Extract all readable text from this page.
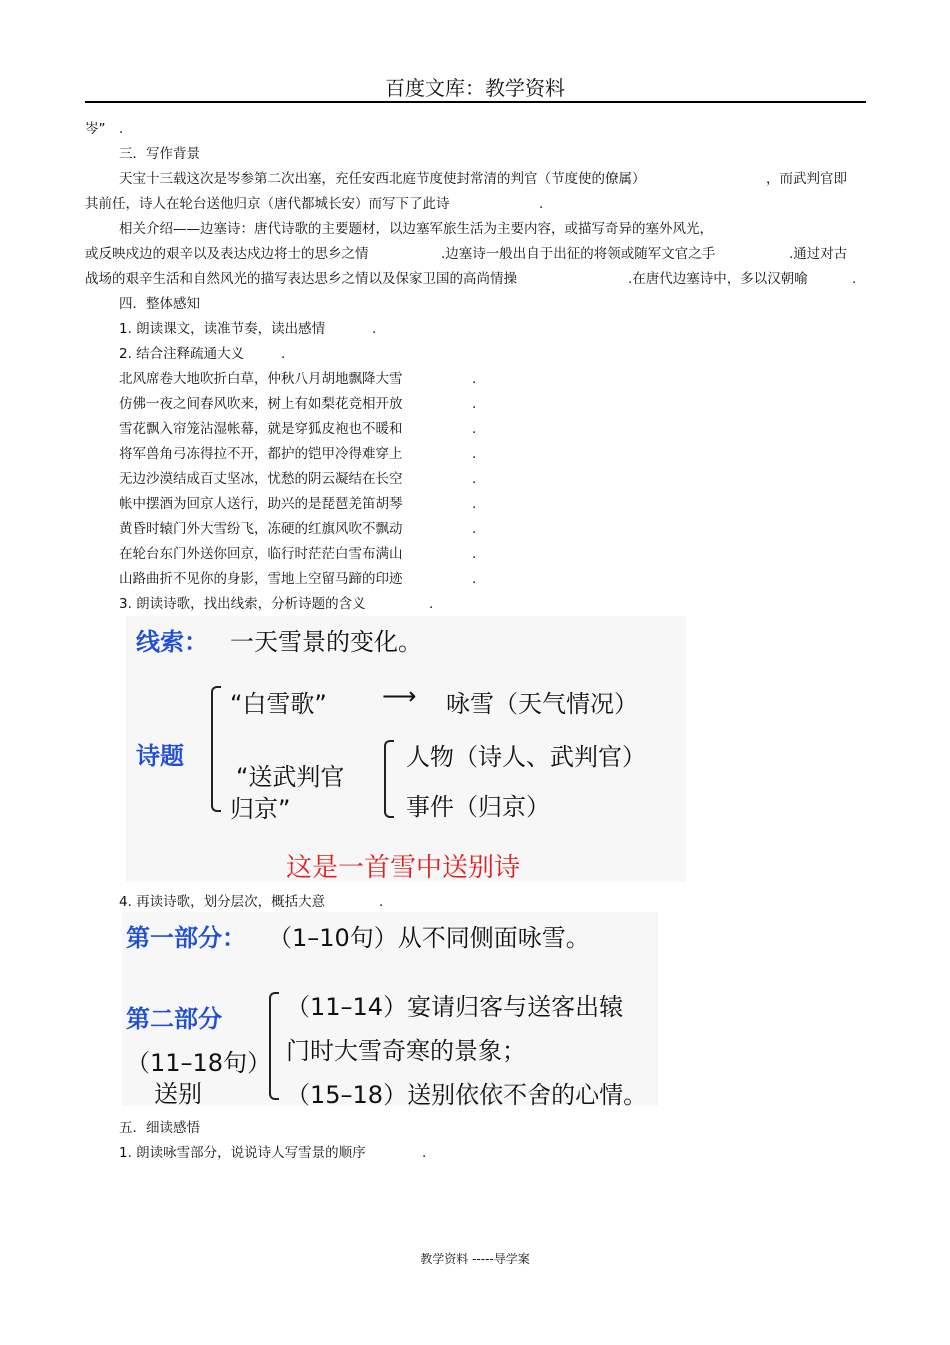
百度文库：教学资料
岑” .
三．写作背景
天宝十三载这次是岑参第二次出塞，充任安西北庭节度使封常清的判官（节度使的僚属）	，而武判官即
其前任，诗人在轮台送他归京（唐代都城长安）而写下了此诗	.
相关介绍——边塞诗：唐代诗歌的主要题材，以边塞军旅生活为主要内容，或描写奇异的塞外风光，
或反映戍边的艰辛以及表达戍边将士的思乡之情	.边塞诗一般出自于出征的将领或随军文官之手	.通过对古
战场的艰辛生活和自然风光的描写表达思乡之情以及保家卫国的高尚情操	.在唐代边塞诗中，多以汉朝喻	.
四．整体感知
1. 朗读课文，读准节奏，读出感情	.
2. 结合注释疏通大义	.
北风席卷大地吹折白草，仲秋八月胡地飘降大雪	.
仿佛一夜之间春风吹来，树上有如梨花竞相开放	.
雪花飘入帘笼沾湿帐幕，就是穿狐皮袍也不暖和	.
将军兽角弓冻得拉不开，都护的铠甲冷得难穿上	.
无边沙漠结成百丈坚冰，忧愁的阴云凝结在长空	.
帐中摆酒为回京人送行，助兴的是琵琶羌笛胡琴	.
黄昏时辕门外大雪纷飞，冻硬的红旗风吹不飘动	.
在轮台东门外送你回京，临行时茫茫白雪布满山	.
山路曲折不见你的身影，雪地上空留马蹄的印迹	.
3. 朗读诗歌，找出线索，分析诗题的含义	.
线索： 一天雪景的变化。
诗题
“白雪歌” ⟶ 咏雪（天气情况）
“送武判官
归京”
人物（诗人、武判官）
事件（归京）
这是一首雪中送别诗
4. 再读诗歌，划分层次，概括大意	.
第一部分： （1–10句）从不同侧面咏雪。
第二部分
（11–18句）
送别
（11–14）宴请归客与送客出辕
门时大雪奇寒的景象；
（15–18）送别依依不舍的心情。
五．细读感悟
1. 朗读咏雪部分，说说诗人写雪景的顺序	.
教学资料 -----导学案
